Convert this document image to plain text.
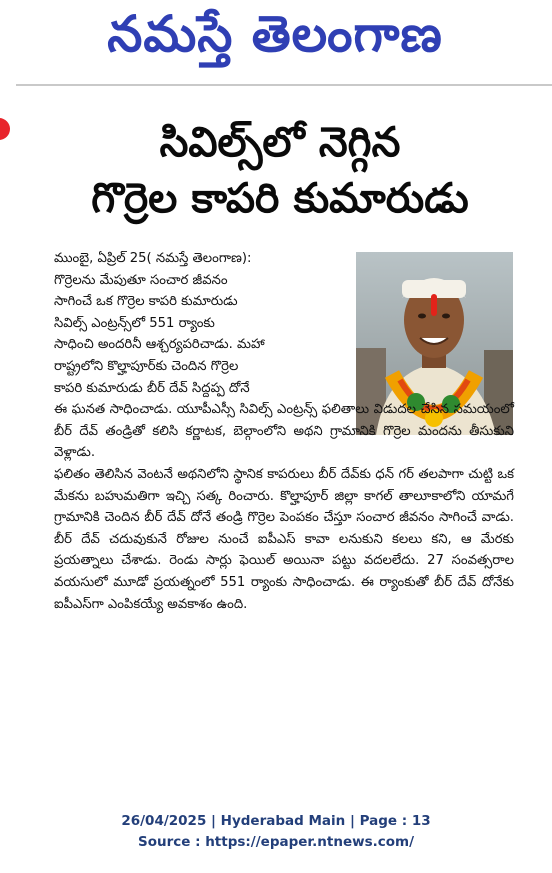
నమస్తే తెలంగాణ
సివిల్స్‌లో నెగ్గిన
గొర్రెల కాపరి కుమారుడు

ముంబై, ఏప్రిల్ 25( నమస్తే తెలంగాణ):

గొర్రెలను మేపుతూ సంచార జీవనం

సాగించే ఒక గొర్రెల కాపరి కుమారుడు

సివిల్స్ ఎంట్రన్స్‌లో 551 ర్యాంకు

సాధించి అందరినీ ఆశ్చర్యపరిచాడు. మహా

రాష్ట్రలోని కొల్హాపూర్‌కు చెందిన గొర్రెల

కాపరి కుమారుడు బీర్ దేవ్ సిద్దప్ప దోనే

ఈ ఘనత సాధించాడు. యూపీఎస్సీ సివిల్స్ ఎంట్రన్స్ ఫలితాలు విడుదల చేసిన సమయంలో బీర్ దేవ్ తండ్రితో కలిసి కర్ణాటక, బెల్గాంలోని అథని గ్రామానికి గొర్రెల మందను తీసుకుని వెళ్లాడు.

ఫలితం తెలిసిన వెంటనే అథనిలోని స్థానిక కాపరులు బీర్ దేవ్‌కు ధన్ గర్ తలపాగా చుట్టి ఒక మేకను బహుమతిగా ఇచ్చి సత్క రించారు. కొల్హాపూర్ జిల్లా కాగల్ తాలూకాలోని యామగే గ్రామానికి చెందిన బీర్ దేవ్ దోనే తండ్రి గొర్రెల పెంపకం చేస్తూ సంచార జీవనం సాగించే వాడు. బీర్ దేవ్ చదువుకునే రోజుల నుంచే ఐపీఎస్ కావా లనుకుని కలలు కని, ఆ మేరకు ప్రయత్నాలు చేశాడు. రెండు సార్లు ఫెయిల్ అయినా పట్టు వదలలేదు. 27 సంవత్సరాల వయసులో మూడో ప్రయత్నంలో 551 ర్యాంకు సాధించాడు. ఈ ర్యాంకుతో బీర్ దేవ్ దోనేకు ఐపీఎస్‌గా ఎంపికయ్యే అవకాశం ఉంది.

26/04/2025 | Hyderabad Main | Page : 13
Source : https://epaper.ntnews.com/
